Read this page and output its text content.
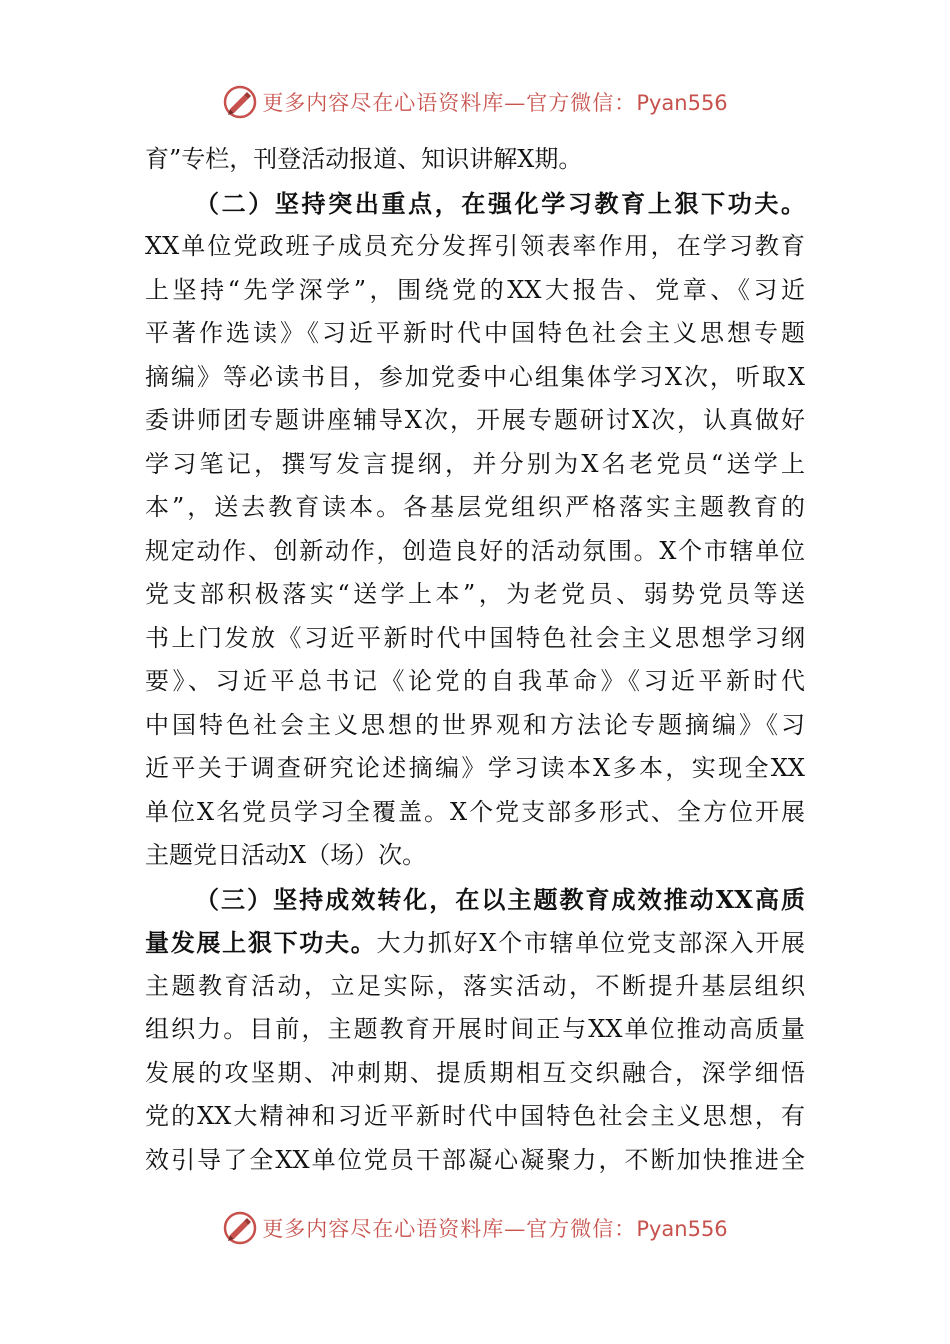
更多内容尽在心语资料库—官方微信：Pyan556
育”专栏，刊登活动报道、知识讲解X期。
（二）坚持突出重点，在强化学习教育上狠下功夫。
XX单位党政班子成员充分发挥引领表率作用，在学习教育
上坚持“先学深学”，围绕党的XX大报告、党章、《习近
平著作选读》《习近平新时代中国特色社会主义思想专题
摘编》等必读书目，参加党委中心组集体学习X次，听取X
委讲师团专题讲座辅导X次，开展专题研讨X次，认真做好
学习笔记，撰写发言提纲，并分别为X名老党员“送学上
本”，送去教育读本。各基层党组织严格落实主题教育的
规定动作、创新动作，创造良好的活动氛围。X个市辖单位
党支部积极落实“送学上本”，为老党员、弱势党员等送
书上门发放《习近平新时代中国特色社会主义思想学习纲
要》、习近平总书记《论党的自我革命》《习近平新时代
中国特色社会主义思想的世界观和方法论专题摘编》《习
近平关于调查研究论述摘编》学习读本X多本，实现全XX
单位X名党员学习全覆盖。X个党支部多形式、全方位开展
主题党日活动X（场）次。
（三）坚持成效转化，在以主题教育成效推动XX高质
量发展上狠下功夫。大力抓好X个市辖单位党支部深入开展
主题教育活动，立足实际，落实活动，不断提升基层组织
组织力。目前，主题教育开展时间正与XX单位推动高质量
发展的攻坚期、冲刺期、提质期相互交织融合，深学细悟
党的XX大精神和习近平新时代中国特色社会主义思想，有
效引导了全XX单位党员干部凝心凝聚力，不断加快推进全
更多内容尽在心语资料库—官方微信：Pyan556
